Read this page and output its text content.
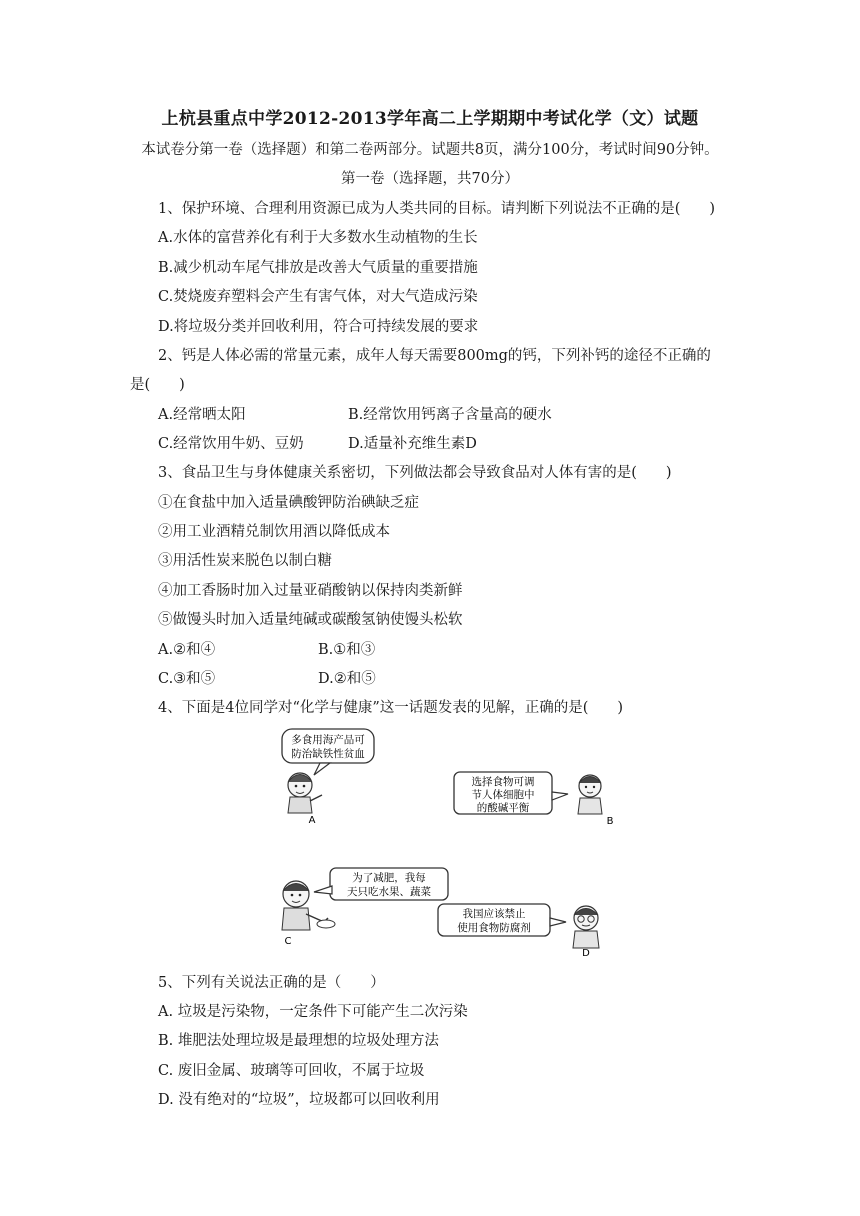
上杭县重点中学2012-2013学年高二上学期期中考试化学（文）试题
本试卷分第一卷（选择题）和第二卷两部分。试题共8页，满分100分，考试时间90分钟。
第一卷（选择题，共70分）
1、保护环境、合理利用资源已成为人类共同的目标。请判断下列说法不正确的是(　　)
A.水体的富营养化有利于大多数水生动植物的生长
B.减少机动车尾气排放是改善大气质量的重要措施
C.焚烧废弃塑料会产生有害气体，对大气造成污染
D.将垃圾分类并回收利用，符合可持续发展的要求
2、钙是人体必需的常量元素，成年人每天需要800mg的钙，下列补钙的途径不正确的
是(　　)
A.经常晒太阳	B.经常饮用钙离子含量高的硬水
C.经常饮用牛奶、豆奶	D.适量补充维生素D
3、食品卫生与身体健康关系密切，下列做法都会导致食品对人体有害的是(　　)
①在食盐中加入适量碘酸钾防治碘缺乏症
②用工业酒精兑制饮用酒以降低成本
③用活性炭来脱色以制白糖
④加工香肠时加入过量亚硝酸钠以保持肉类新鲜
⑤做馒头时加入适量纯碱或碳酸氢钠使馒头松软
A.②和④	B.①和③
C.③和⑤	D.②和⑤
4、下面是4位同学对“化学与健康”这一话题发表的见解，正确的是(　　)
多食用海产品可
防治缺铁性贫血
A
选择食物可调
节人体细胞中
的酸碱平衡
B
为了减肥，我每
天只吃水果、蔬菜
C
我国应该禁止
使用食物防腐剂
D
5、下列有关说法正确的是（　　）
A. 垃圾是污染物，一定条件下可能产生二次污染
B. 堆肥法处理垃圾是最理想的垃圾处理方法
C. 废旧金属、玻璃等可回收，不属于垃圾
D. 没有绝对的“垃圾”，垃圾都可以回收利用
